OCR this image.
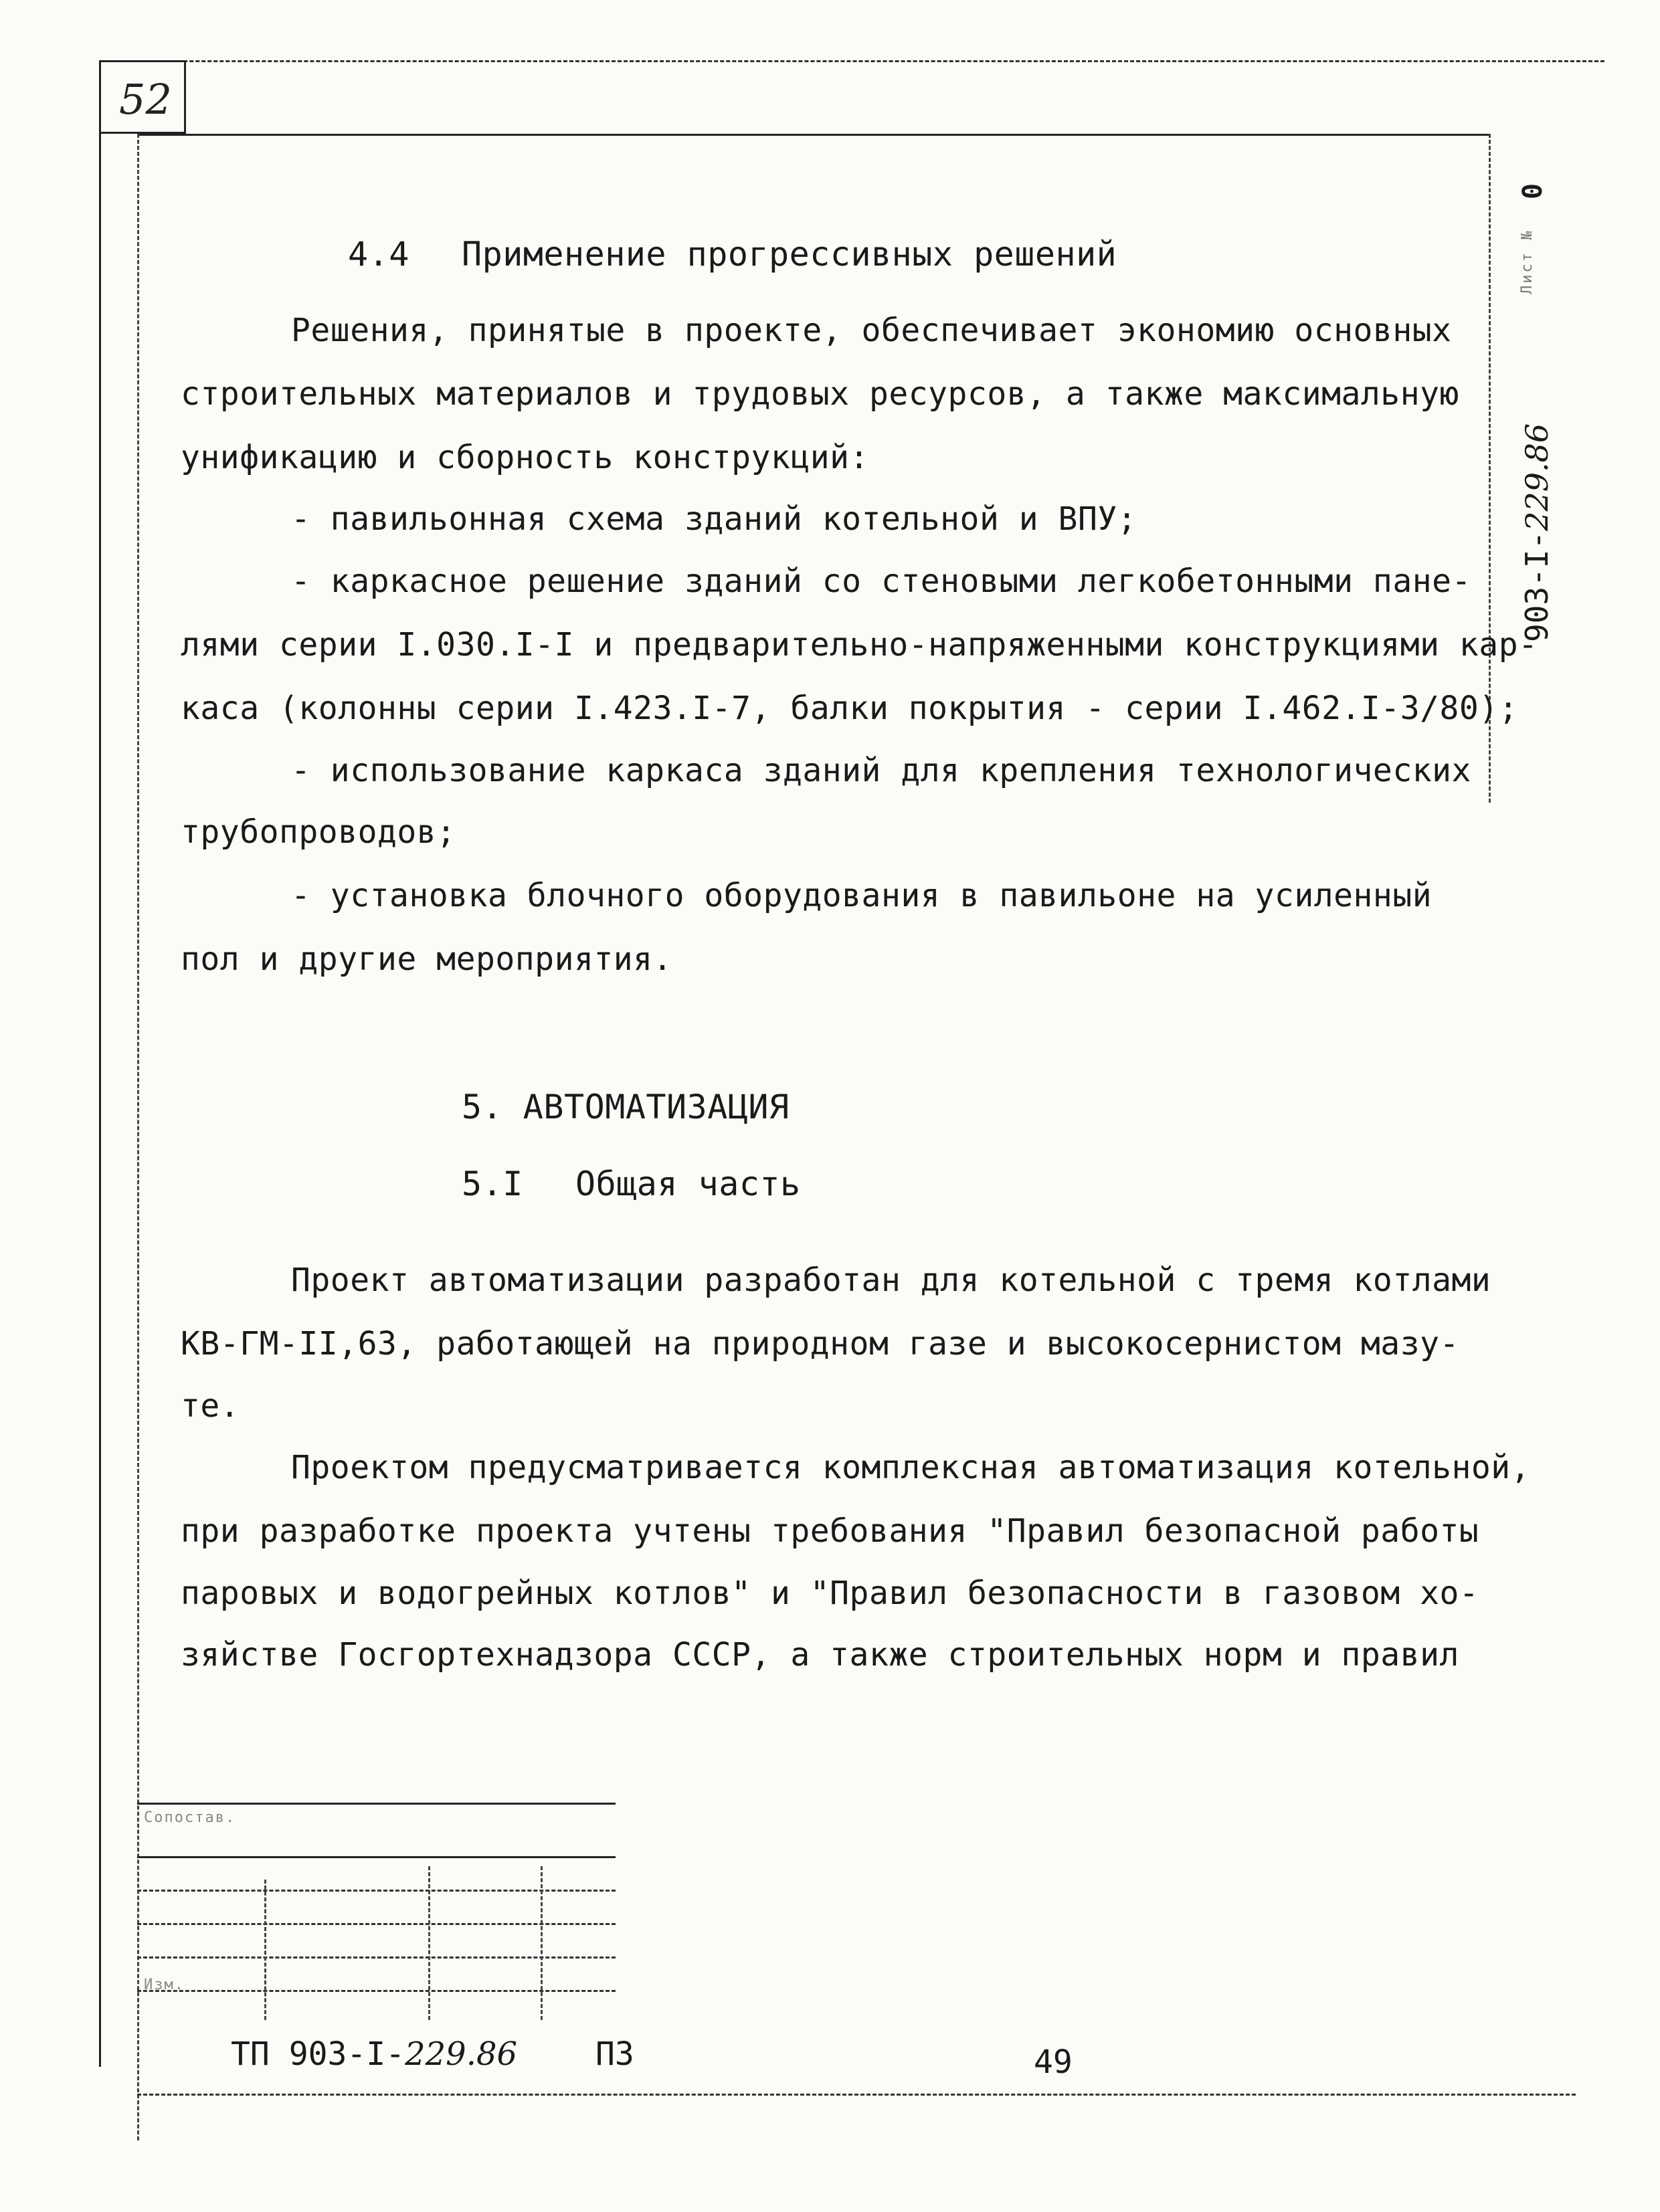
52
0
Лист №
903-I-229.86
4.4 Применение прогрессивных решений
Решения, принятые в проекте, обеспечивает экономию основных
строительных материалов и трудовых ресурсов, а также максимальную
унификацию и сборность конструкций:
- павильонная схема зданий котельной и ВПУ;
- каркасное решение зданий со стеновыми легкобетонными пане-
лями серии I.030.I-I и предварительно-напряженными конструкциями кар-
каса (колонны серии I.423.I-7, балки покрытия - серии I.462.I-3/80);
- использование каркаса зданий для крепления технологических
трубопроводов;
- установка блочного оборудования в павильоне на усиленный
пол и другие мероприятия.
5. АВТОМАТИЗАЦИЯ
5.I Общая часть
Проект автоматизации разработан для котельной с тремя котлами
КВ-ГМ-II,63, работающей на природном газе и высокосернистом мазу-
те.
Проектом предусматривается комплексная автоматизация котельной,
при разработке проекта учтены требования "Правил безопасной работы
паровых и водогрейных котлов" и "Правил безопасности в газовом хо-
зяйстве Госгортехнадзора СССР, а также строительных норм и правил
Сопостав.
Изм.
ТП 903-I-229.86 ПЗ	49
